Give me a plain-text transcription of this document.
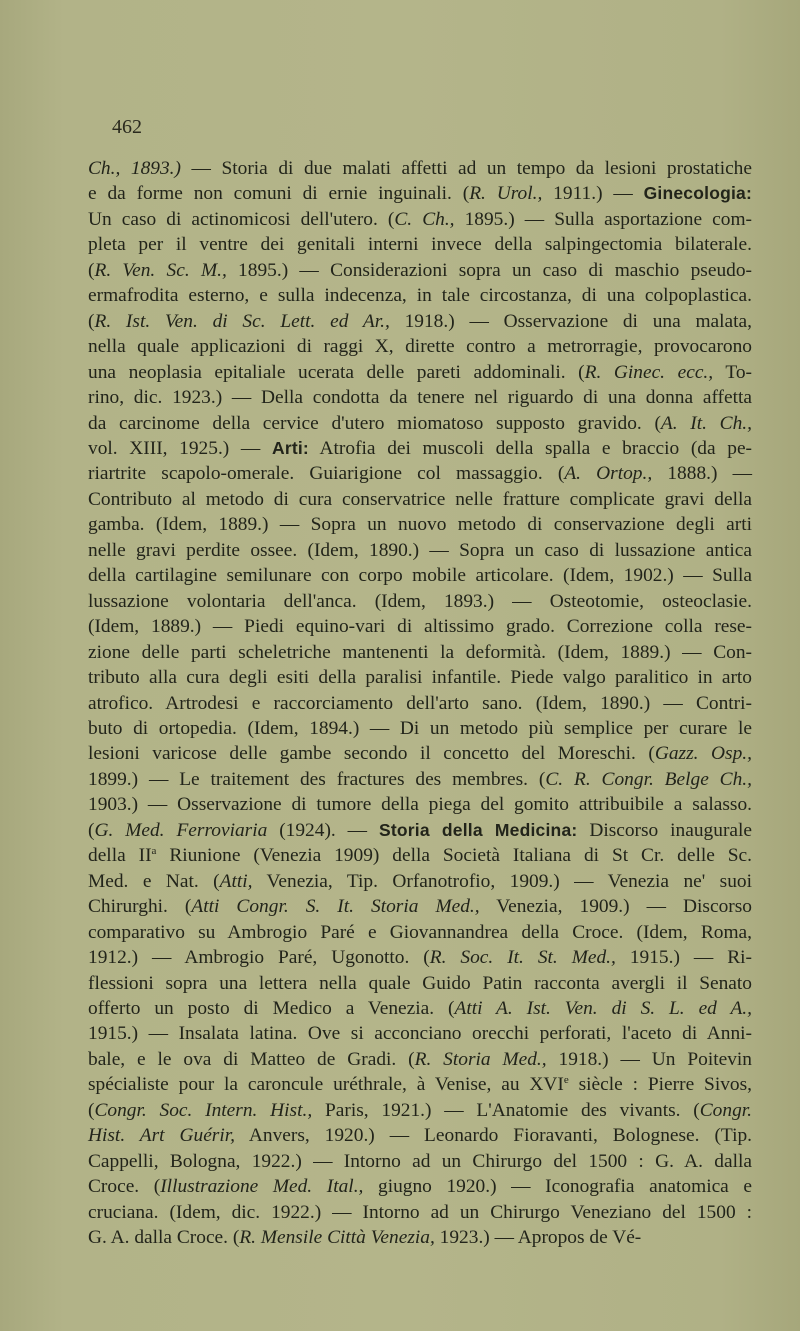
462
Ch., 1893.) — Storia di due malati affetti ad un tempo da lesioni prostatiche
e da forme non comuni di ernie inguinali. (R. Urol., 1911.) — Ginecologia:
Un caso di actinomicosi dell'utero. (C. Ch., 1895.) — Sulla asportazione com-
pleta per il ventre dei genitali interni invece della salpingectomia bilaterale.
(R. Ven. Sc. M., 1895.) — Considerazioni sopra un caso di maschio pseudo-
ermafrodita esterno, e sulla indecenza, in tale circostanza, di una colpoplastica.
(R. Ist. Ven. di Sc. Lett. ed Ar., 1918.) — Osservazione di una malata,
nella quale applicazioni di raggi X, dirette contro a metrorragie, provocarono
una neoplasia epitaliale ucerata delle pareti addominali. (R. Ginec. ecc., To-
rino, dic. 1923.) — Della condotta da tenere nel riguardo di una donna affetta
da carcinome della cervice d'utero miomatoso supposto gravido. (A. It. Ch.,
vol. XIII, 1925.) — Arti: Atrofia dei muscoli della spalla e braccio (da pe-
riartrite scapolo-omerale. Guiarigione col massaggio. (A. Ortop., 1888.) —
Contributo al metodo di cura conservatrice nelle fratture complicate gravi della
gamba. (Idem, 1889.) — Sopra un nuovo metodo di conservazione degli arti
nelle gravi perdite ossee. (Idem, 1890.) — Sopra un caso di lussazione antica
della cartilagine semilunare con corpo mobile articolare. (Idem, 1902.) — Sulla
lussazione volontaria dell'anca. (Idem, 1893.) — Osteotomie, osteoclasie.
(Idem, 1889.) — Piedi equino-vari di altissimo grado. Correzione colla rese-
zione delle parti scheletriche mantenenti la deformità. (Idem, 1889.) — Con-
tributo alla cura degli esiti della paralisi infantile. Piede valgo paralitico in arto
atrofico. Artrodesi e raccorciamento dell'arto sano. (Idem, 1890.) — Contri-
buto di ortopedia. (Idem, 1894.) — Di un metodo più semplice per curare le
lesioni varicose delle gambe secondo il concetto del Moreschi. (Gazz. Osp.,
1899.) — Le traitement des fractures des membres. (C. R. Congr. Belge Ch.,
1903.) — Osservazione di tumore della piega del gomito attribuibile a salasso.
(G. Med. Ferroviaria (1924). — Storia della Medicina: Discorso inaugurale
della $II^a$ Riunione (Venezia 1909) della Società Italiana di St Cr. delle Sc.
Med. e Nat. (Atti, Venezia, Tip. Orfanotrofio, 1909.) — Venezia ne' suoi
Chirurghi. (Atti Congr. S. It. Storia Med., Venezia, 1909.) — Discorso
comparativo su Ambrogio Paré e Giovannandrea della Croce. (Idem, Roma,
1912.) — Ambrogio Paré, Ugonotto. (R. Soc. It. St. Med., 1915.) — Ri-
flessioni sopra una lettera nella quale Guido Patin racconta avergli il Senato
offerto un posto di Medico a Venezia. (Atti A. Ist. Ven. di S. L. ed A.,
1915.) — Insalata latina. Ove si acconciano orecchi perforati, l'aceto di Anni-
bale, e le ova di Matteo de Gradi. (R. Storia Med., 1918.) — Un Poitevin
spécialiste pour la caroncule uréthrale, à Venise, au XVIe siècle : Pierre Sivos,
(Congr. Soc. Intern. Hist., Paris, 1921.) — L'Anatomie des vivants. (Congr.
Hist. Art Guérir, Anvers, 1920.) — Leonardo Fioravanti, Bolognese. (Tip.
Cappelli, Bologna, 1922.) — Intorno ad un Chirurgo del 1500 : G. A. dalla
Croce. (Illustrazione Med. Ital., giugno 1920.) — Iconografia anatomica e
cruciana. (Idem, dic. 1922.) — Intorno ad un Chirurgo Veneziano del 1500 :
G. A. dalla Croce. (R. Mensile Città Venezia, 1923.) — Apropos de Vé-
